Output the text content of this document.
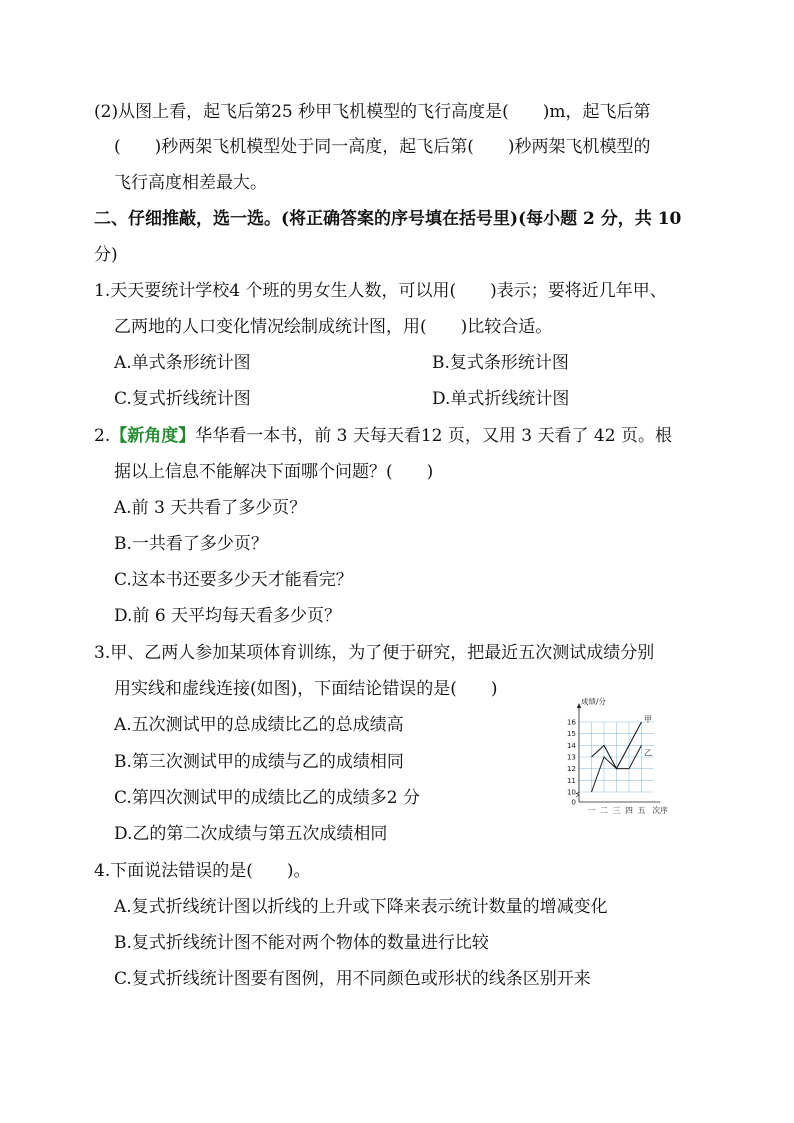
(2)从图上看，起飞后第25 秒甲飞机模型的飞行高度是(　　)m，起飞后第
(　　)秒两架飞机模型处于同一高度，起飞后第(　　)秒两架飞机模型的
飞行高度相差最大。
二、仔细推敲，选一选。(将正确答案的序号填在括号里)(每小题 2 分，共 10
分)
1.天天要统计学校4 个班的男女生人数，可以用(　　)表示；要将近几年甲、
乙两地的人口变化情况绘制成统计图，用(　　)比较合适。
A.单式条形统计图	B.复式条形统计图
C.复式折线统计图	D.单式折线统计图
2.【新角度】华华看一本书，前 3 天每天看12 页，又用 3 天看了 42 页。根
据以上信息不能解决下面哪个问题？(　　)
A.前 3 天共看了多少页？
B.一共看了多少页？
C.这本书还要多少天才能看完？
D.前 6 天平均每天看多少页？
3.甲、乙两人参加某项体育训练，为了便于研究，把最近五次测试成绩分别
用实线和虚线连接(如图)，下面结论错误的是(　　)
A.五次测试甲的总成绩比乙的总成绩高
B.第三次测试甲的成绩与乙的成绩相同
C.第四次测试甲的成绩比乙的成绩多2 分
D.乙的第二次成绩与第五次成绩相同
0
10
11
12
13
14
15
16
成绩/分
一 二 三 四 五 次序
甲
乙
4.下面说法错误的是(　　)。
A.复式折线统计图以折线的上升或下降来表示统计数量的增减变化
B.复式折线统计图不能对两个物体的数量进行比较
C.复式折线统计图要有图例，用不同颜色或形状的线条区别开来
